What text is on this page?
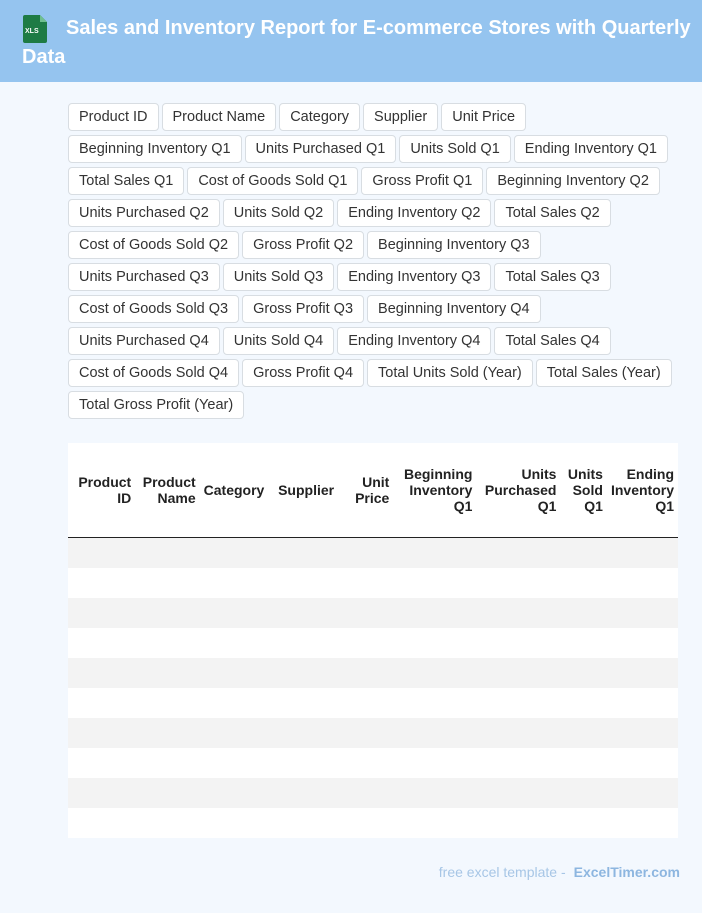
XLS	Sales and Inventory Report for E-commerce Stores with Quarterly Data
Product ID	Product Name	Category	Supplier	Unit Price
Beginning Inventory Q1	Units Purchased Q1	Units Sold Q1	Ending Inventory Q1
Total Sales Q1	Cost of Goods Sold Q1	Gross Profit Q1	Beginning Inventory Q2
Units Purchased Q2	Units Sold Q2	Ending Inventory Q2	Total Sales Q2
Cost of Goods Sold Q2	Gross Profit Q2	Beginning Inventory Q3
Units Purchased Q3	Units Sold Q3	Ending Inventory Q3	Total Sales Q3
Cost of Goods Sold Q3	Gross Profit Q3	Beginning Inventory Q4
Units Purchased Q4	Units Sold Q4	Ending Inventory Q4	Total Sales Q4
Cost of Goods Sold Q4	Gross Profit Q4	Total Units Sold (Year)	Total Sales (Year)
Total Gross Profit (Year)
Product ID	Product Name	Category	Supplier	Unit Price	Beginning Inventory Q1	Units Purchased Q1	Units Sold Q1	Ending Inventory Q1

free excel template - ExcelTimer.com
